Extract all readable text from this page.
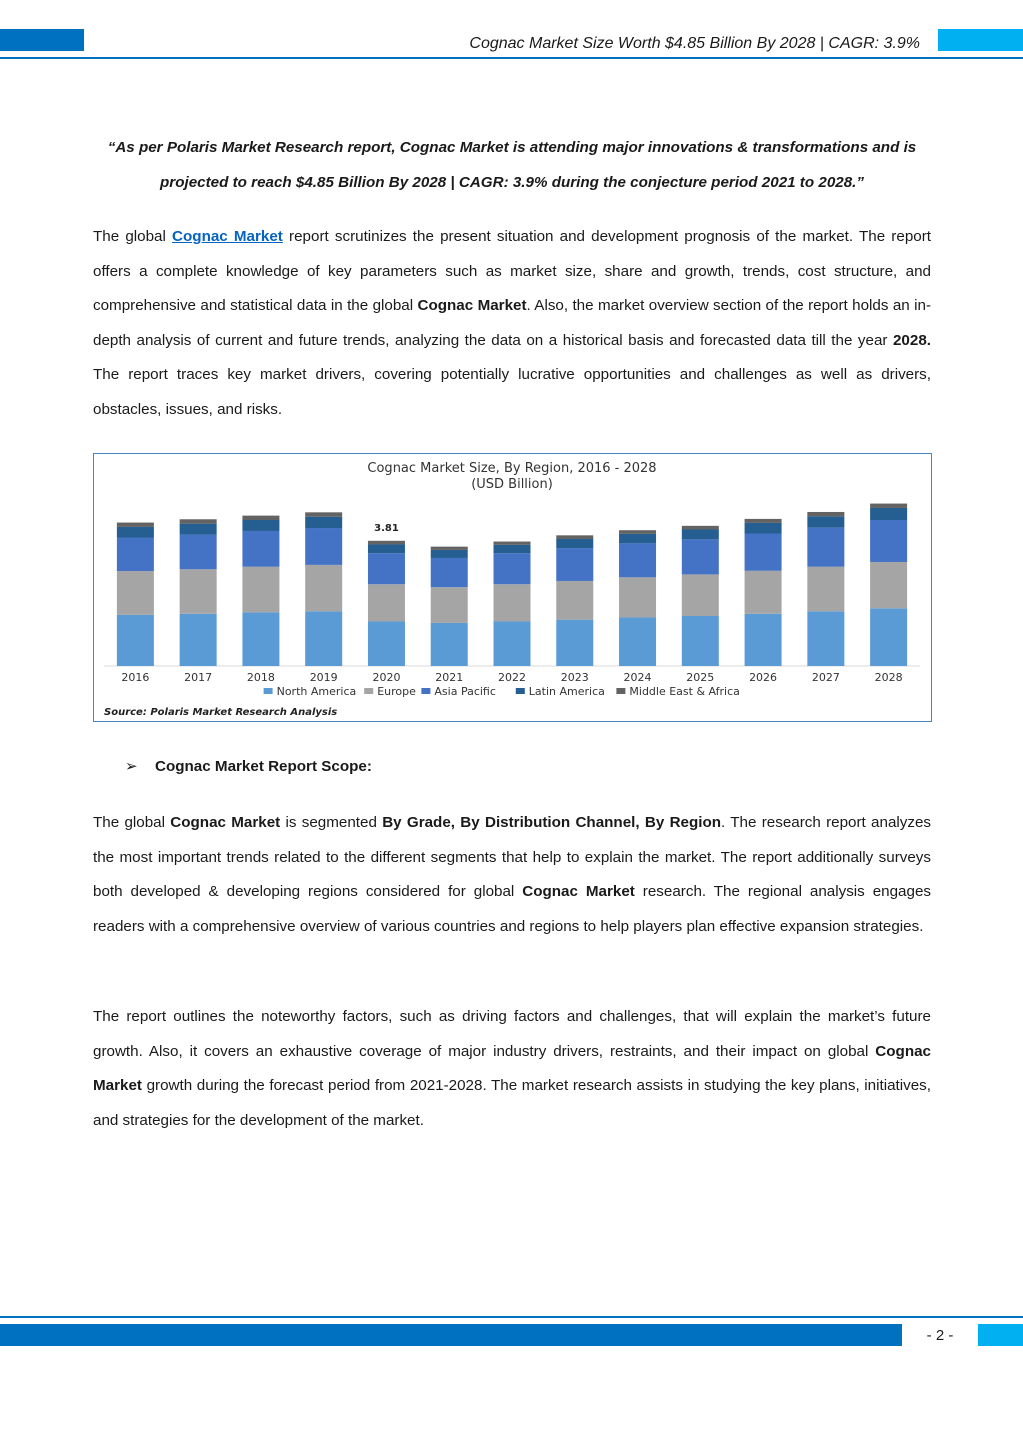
Cognac Market Size Worth $4.85 Billion By 2028 | CAGR: 3.9%
“As per Polaris Market Research report, Cognac Market is attending major innovations & transformations and is projected to reach $4.85 Billion By 2028 | CAGR: 3.9% during the conjecture period 2021 to 2028.”
The global Cognac Market report scrutinizes the present situation and development prognosis of the market. The report offers a complete knowledge of key parameters such as market size, share and growth, trends, cost structure, and comprehensive and statistical data in the global Cognac Market. Also, the market overview section of the report holds an in-depth analysis of current and future trends, analyzing the data on a historical basis and forecasted data till the year 2028. The report traces key market drivers, covering potentially lucrative opportunities and challenges as well as drivers, obstacles, issues, and risks.
Cognac Market Size, By Region, 2016 - 2028
(USD Billion)
2016	2017	2018	2019
3.81
2020	2021	2022	2023	2024	2025	2026	2027	2028
North America Europe Asia Pacific	Latin America Middle East & Africa
Source: Polaris Market Research Analysis
➢ Cognac Market Report Scope:
The global Cognac Market is segmented By Grade, By Distribution Channel, By Region. The research report analyzes the most important trends related to the different segments that help to explain the market. The report additionally surveys both developed & developing regions considered for global Cognac Market research. The regional analysis engages readers with a comprehensive overview of various countries and regions to help players plan effective expansion strategies.
The report outlines the noteworthy factors, such as driving factors and challenges, that will explain the market’s future growth. Also, it covers an exhaustive coverage of major industry drivers, restraints, and their impact on global Cognac Market growth during the forecast period from 2021-2028. The market research assists in studying the key plans, initiatives, and strategies for the development of the market.
- 2 -
